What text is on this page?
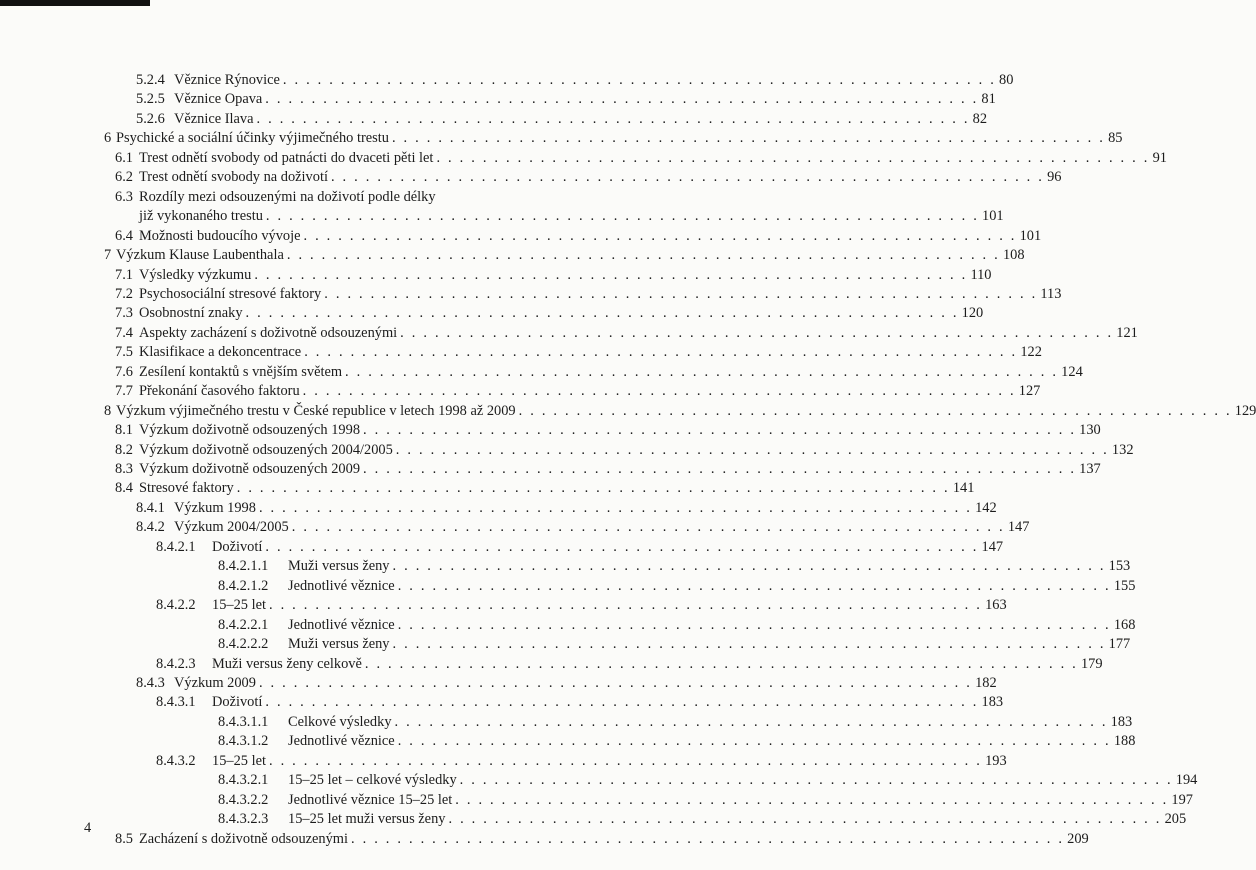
5.2.4 Věznice Rýnovice . . . . . . . . . . . . . . . . . . . . . . . . . . . . . . . . . . . . . . . . . . . . . . . . . . . . . . . . . . . . . . 80
5.2.5 Věznice Opava . . . . . . . . . . . . . . . . . . . . . . . . . . . . . . . . . . . . . . . . . . . . . . . . . . . . . . . . . . . . . . 81
5.2.6 Věznice Ilava . . . . . . . . . . . . . . . . . . . . . . . . . . . . . . . . . . . . . . . . . . . . . . . . . . . . . . . . . . . . . . 82
6 Psychické a sociální účinky výjimečného trestu . . . . . . . . . . . . . . . . . . . . . . . . . . . . . . . . . . . . . . . . . . . . . . . . . . . . . . . . . . . . . . 85
6.1 Trest odnětí svobody od patnácti do dvaceti pěti let . . . . . . . . . . . . . . . . . . . . . . . . . . . . . . . . . . . . . . . . . . . . . . . . . . . . . . . . . . . . . . 91
6.2 Trest odnětí svobody na doživotí . . . . . . . . . . . . . . . . . . . . . . . . . . . . . . . . . . . . . . . . . . . . . . . . . . . . . . . . . . . . . . 96
6.3 Rozdíly mezi odsouzenými na doživotí podle délky
již vykonaného trestu . . . . . . . . . . . . . . . . . . . . . . . . . . . . . . . . . . . . . . . . . . . . . . . . . . . . . . . . . . . . . . 101
6.4 Možnosti budoucího vývoje . . . . . . . . . . . . . . . . . . . . . . . . . . . . . . . . . . . . . . . . . . . . . . . . . . . . . . . . . . . . . . 101
7 Výzkum Klause Laubenthala . . . . . . . . . . . . . . . . . . . . . . . . . . . . . . . . . . . . . . . . . . . . . . . . . . . . . . . . . . . . . . 108
7.1 Výsledky výzkumu . . . . . . . . . . . . . . . . . . . . . . . . . . . . . . . . . . . . . . . . . . . . . . . . . . . . . . . . . . . . . . 110
7.2 Psychosociální stresové faktory . . . . . . . . . . . . . . . . . . . . . . . . . . . . . . . . . . . . . . . . . . . . . . . . . . . . . . . . . . . . . . 113
7.3 Osobnostní znaky . . . . . . . . . . . . . . . . . . . . . . . . . . . . . . . . . . . . . . . . . . . . . . . . . . . . . . . . . . . . . . 120
7.4 Aspekty zacházení s doživotně odsouzenými . . . . . . . . . . . . . . . . . . . . . . . . . . . . . . . . . . . . . . . . . . . . . . . . . . . . . . . . . . . . . . 121
7.5 Klasifikace a dekoncentrace . . . . . . . . . . . . . . . . . . . . . . . . . . . . . . . . . . . . . . . . . . . . . . . . . . . . . . . . . . . . . . 122
7.6 Zesílení kontaktů s vnějším světem . . . . . . . . . . . . . . . . . . . . . . . . . . . . . . . . . . . . . . . . . . . . . . . . . . . . . . . . . . . . . . 124
7.7 Překonání časového faktoru . . . . . . . . . . . . . . . . . . . . . . . . . . . . . . . . . . . . . . . . . . . . . . . . . . . . . . . . . . . . . . 127
8 Výzkum výjimečného trestu v České republice v letech 1998 až 2009 . . . . . . . . . . . . . . . . . . . . . . . . . . . . . . . . . . . . . . . . . . . . . . . . . . . . . . . . . . . . . . 129
8.1 Výzkum doživotně odsouzených 1998 . . . . . . . . . . . . . . . . . . . . . . . . . . . . . . . . . . . . . . . . . . . . . . . . . . . . . . . . . . . . . . 130
8.2 Výzkum doživotně odsouzených 2004/2005 . . . . . . . . . . . . . . . . . . . . . . . . . . . . . . . . . . . . . . . . . . . . . . . . . . . . . . . . . . . . . . 132
8.3 Výzkum doživotně odsouzených 2009 . . . . . . . . . . . . . . . . . . . . . . . . . . . . . . . . . . . . . . . . . . . . . . . . . . . . . . . . . . . . . . 137
8.4 Stresové faktory . . . . . . . . . . . . . . . . . . . . . . . . . . . . . . . . . . . . . . . . . . . . . . . . . . . . . . . . . . . . . . 141
8.4.1 Výzkum 1998 . . . . . . . . . . . . . . . . . . . . . . . . . . . . . . . . . . . . . . . . . . . . . . . . . . . . . . . . . . . . . . 142
8.4.2 Výzkum 2004/2005 . . . . . . . . . . . . . . . . . . . . . . . . . . . . . . . . . . . . . . . . . . . . . . . . . . . . . . . . . . . . . . 147
8.4.2.1	Doživotí . . . . . . . . . . . . . . . . . . . . . . . . . . . . . . . . . . . . . . . . . . . . . . . . . . . . . . . . . . . . . . 147
8.4.2.1.1	Muži versus ženy . . . . . . . . . . . . . . . . . . . . . . . . . . . . . . . . . . . . . . . . . . . . . . . . . . . . . . . . . . . . . . 153
8.4.2.1.2	Jednotlivé věznice . . . . . . . . . . . . . . . . . . . . . . . . . . . . . . . . . . . . . . . . . . . . . . . . . . . . . . . . . . . . . . 155
8.4.2.2	15–25 let . . . . . . . . . . . . . . . . . . . . . . . . . . . . . . . . . . . . . . . . . . . . . . . . . . . . . . . . . . . . . . 163
8.4.2.2.1	Jednotlivé věznice . . . . . . . . . . . . . . . . . . . . . . . . . . . . . . . . . . . . . . . . . . . . . . . . . . . . . . . . . . . . . . 168
8.4.2.2.2	Muži versus ženy . . . . . . . . . . . . . . . . . . . . . . . . . . . . . . . . . . . . . . . . . . . . . . . . . . . . . . . . . . . . . . 177
8.4.2.3	Muži versus ženy celkově . . . . . . . . . . . . . . . . . . . . . . . . . . . . . . . . . . . . . . . . . . . . . . . . . . . . . . . . . . . . . . 179
8.4.3 Výzkum 2009 . . . . . . . . . . . . . . . . . . . . . . . . . . . . . . . . . . . . . . . . . . . . . . . . . . . . . . . . . . . . . . 182
8.4.3.1	Doživotí . . . . . . . . . . . . . . . . . . . . . . . . . . . . . . . . . . . . . . . . . . . . . . . . . . . . . . . . . . . . . . 183
8.4.3.1.1	Celkové výsledky . . . . . . . . . . . . . . . . . . . . . . . . . . . . . . . . . . . . . . . . . . . . . . . . . . . . . . . . . . . . . . 183
8.4.3.1.2	Jednotlivé věznice . . . . . . . . . . . . . . . . . . . . . . . . . . . . . . . . . . . . . . . . . . . . . . . . . . . . . . . . . . . . . . 188
8.4.3.2	15–25 let . . . . . . . . . . . . . . . . . . . . . . . . . . . . . . . . . . . . . . . . . . . . . . . . . . . . . . . . . . . . . . 193
8.4.3.2.1	15–25 let – celkové výsledky . . . . . . . . . . . . . . . . . . . . . . . . . . . . . . . . . . . . . . . . . . . . . . . . . . . . . . . . . . . . . . 194
8.4.3.2.2	Jednotlivé věznice 15–25 let . . . . . . . . . . . . . . . . . . . . . . . . . . . . . . . . . . . . . . . . . . . . . . . . . . . . . . . . . . . . . . 197
8.4.3.2.3	15–25 let muži versus ženy . . . . . . . . . . . . . . . . . . . . . . . . . . . . . . . . . . . . . . . . . . . . . . . . . . . . . . . . . . . . . . 205
8.5 Zacházení s doživotně odsouzenými . . . . . . . . . . . . . . . . . . . . . . . . . . . . . . . . . . . . . . . . . . . . . . . . . . . . . . . . . . . . . . 209
4
